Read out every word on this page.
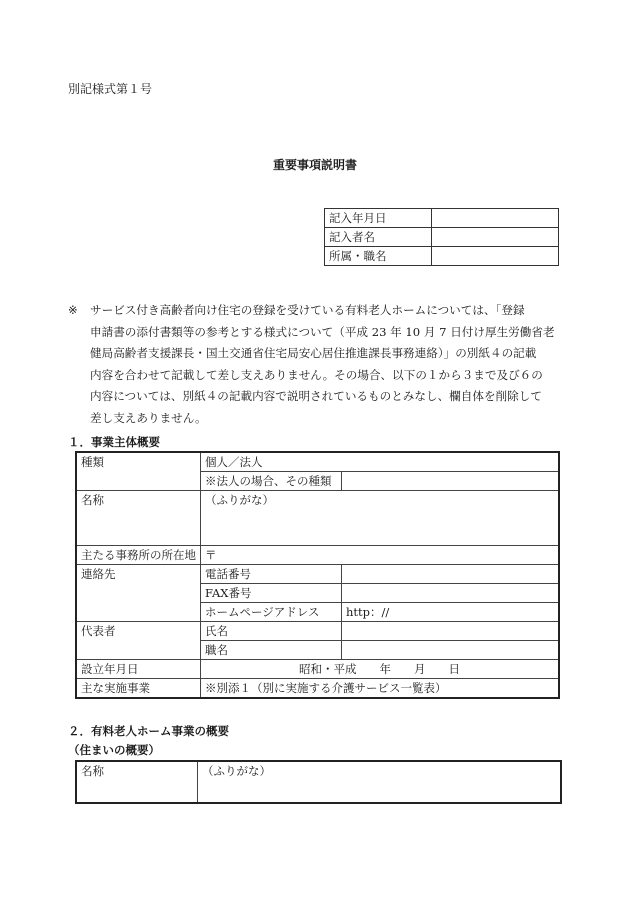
別記様式第１号
重要事項説明書
記入年月日	
記入者名	
所属・職名	
※ サービス付き高齢者向け住宅の登録を受けている有料老人ホームについては、「登録
申請書の添付書類等の参考とする様式について（平成 23 年 10 月 7 日付け厚生労働省老
健局高齢者支援課長・国土交通省住宅局安心居住推進課長事務連絡）」の別紙４の記載
内容を合わせて記載して差し支えありません。その場合、以下の１から３まで及び６の
内容については、別紙４の記載内容で説明されているものとみなし、欄自体を削除して
差し支えありません。
１．事業主体概要
種類	個人／法人	
	※法人の場合、その種類	
名称	（ふりがな）	
主たる事務所の所在地	〒	
連絡先	電話番号	
	FAX番号	
	ホームページアドレス	http：//
代表者	氏名	
	職名	
設立年月日	昭和・平成　　年　　月　　日	
主な実施事業	※別添１（別に実施する介護サービス一覧表）	
２．有料老人ホーム事業の概要
（住まいの概要）
名称	（ふりがな）
